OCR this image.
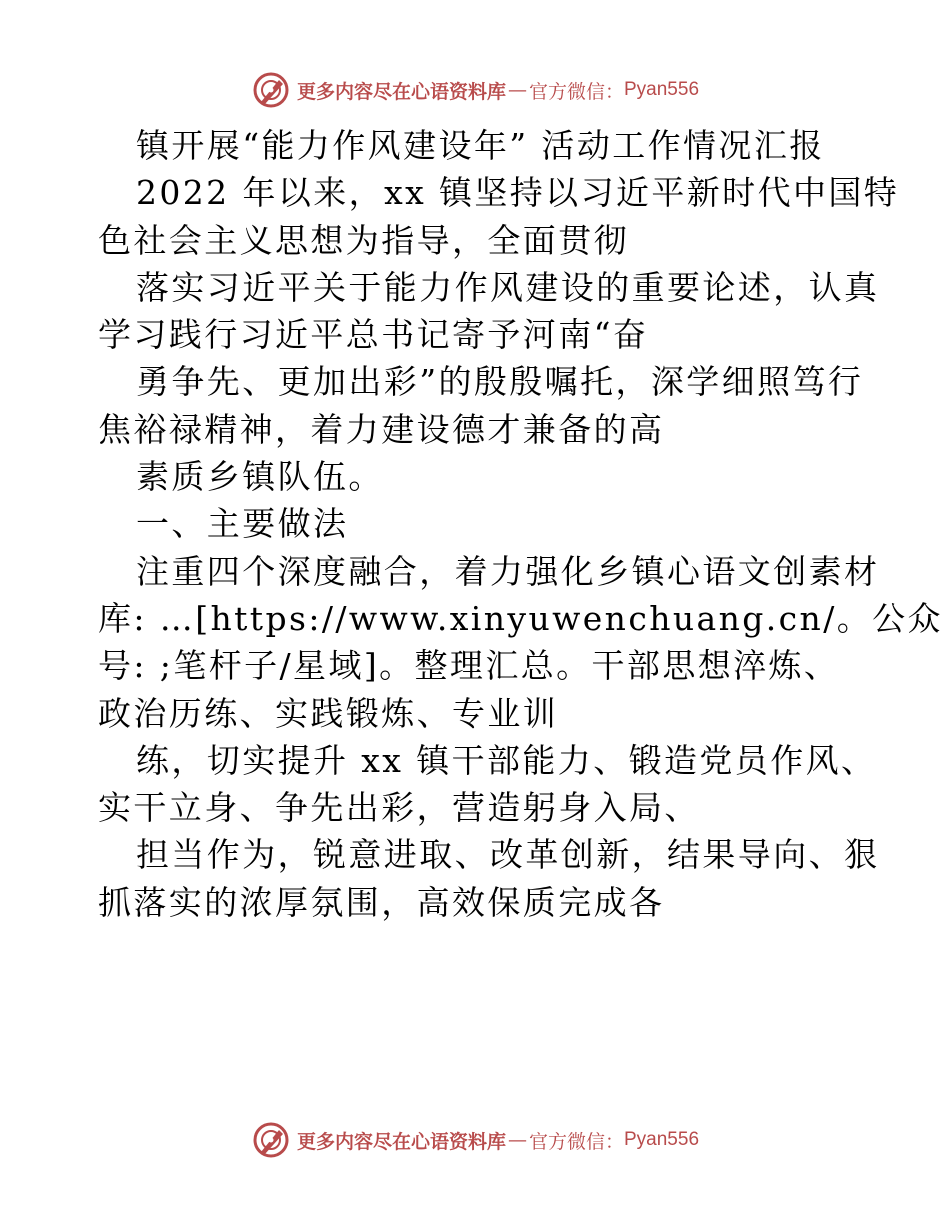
更多内容尽在心语资料库 — 官方微信： Pyan556
镇开展“能力作风建设年” 活动工作情况汇报
2022 年以来，xx 镇坚持以习近平新时代中国特
色社会主义思想为指导，全面贯彻
落实习近平关于能力作风建设的重要论述，认真
学习践行习近平总书记寄予河南“奋
勇争先、更加出彩”的殷殷嘱托，深学细照笃行
焦裕禄精神，着力建设德才兼备的高
素质乡镇队伍。
一、主要做法
注重四个深度融合，着力强化乡镇心语文创素材
库: …[https://www.xinyuwenchuang.cn/。公众
号: ;笔杆子/星域]。整理汇总。干部思想淬炼、
政治历练、实践锻炼、专业训
练，切实提升 xx 镇干部能力、锻造党员作风、
实干立身、争先出彩，营造躬身入局、
担当作为，锐意进取、改革创新，结果导向、狠
抓落实的浓厚氛围，高效保质完成各
更多内容尽在心语资料库 — 官方微信： Pyan556
